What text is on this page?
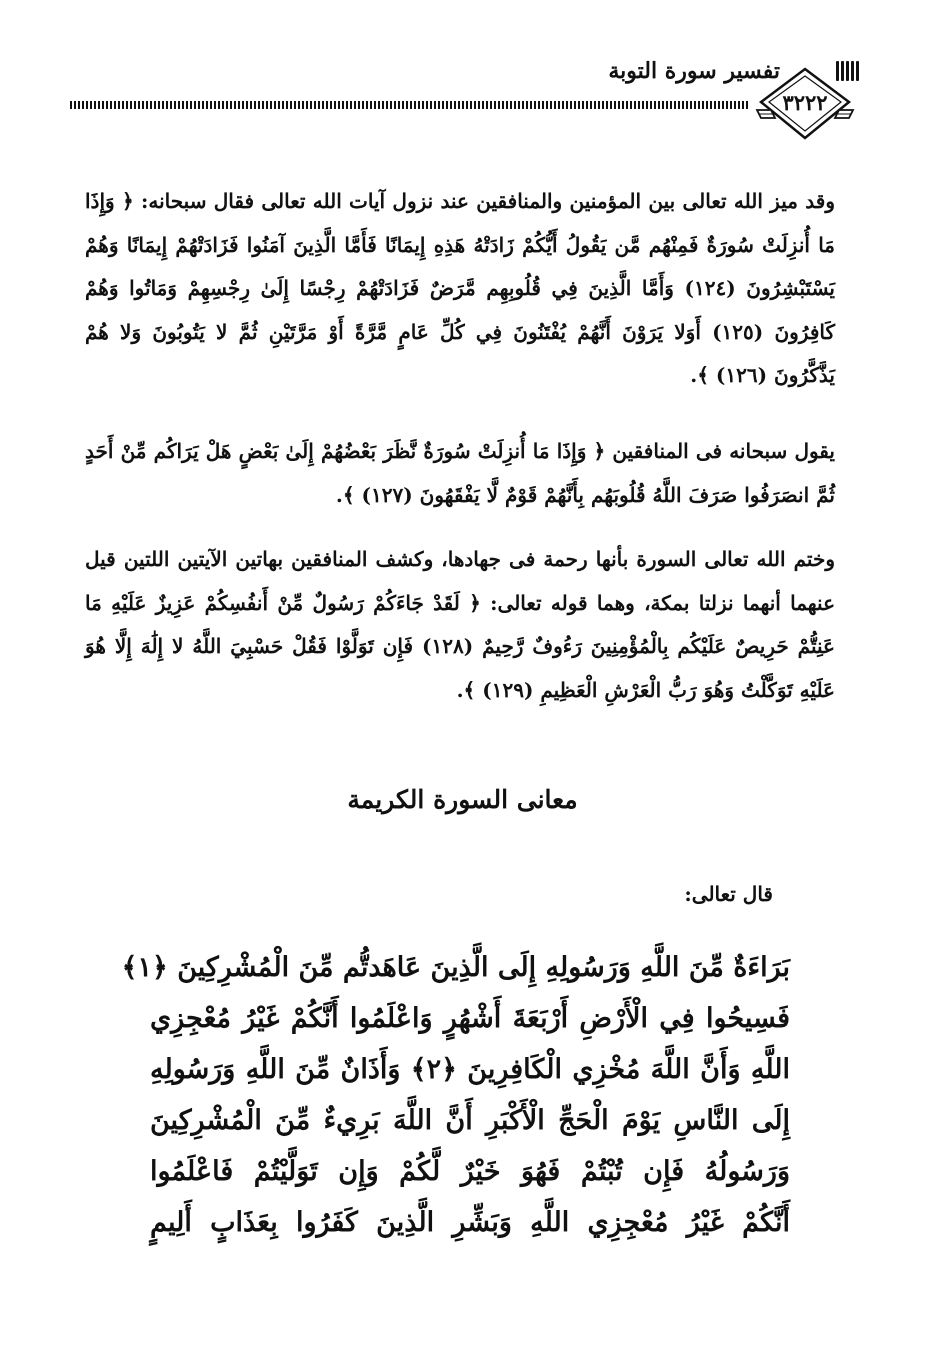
تفسير سورة التوبة
٣٢٢٢

وقد ميز الله تعالى بين المؤمنين والمنافقين عند نزول آيات الله تعالى فقال سبحانه: ﴿ وَإِذَا مَا أُنزِلَتْ سُورَةٌ فَمِنْهُم مَّن يَقُولُ أَيُّكُمْ زَادَتْهُ هَذِهِ إِيمَانًا فَأَمَّا الَّذِينَ آمَنُوا فَزَادَتْهُمْ إِيمَانًا وَهُمْ يَسْتَبْشِرُونَ (١٢٤) وَأَمَّا الَّذِينَ فِي قُلُوبِهِم مَّرَضٌ فَزَادَتْهُمْ رِجْسًا إِلَىٰ رِجْسِهِمْ وَمَاتُوا وَهُمْ كَافِرُونَ (١٢٥) أَوَلا يَرَوْنَ أَنَّهُمْ يُفْتَنُونَ فِي كُلِّ عَامٍ مَّرَّةً أَوْ مَرَّتَيْنِ ثُمَّ لا يَتُوبُونَ وَلا هُمْ يَذَّكَّرُونَ (١٢٦) ﴾.

يقول سبحانه فى المنافقين ﴿ وَإِذَا مَا أُنزِلَتْ سُورَةٌ نَّظَرَ بَعْضُهُمْ إِلَىٰ بَعْضٍ هَلْ يَرَاكُم مِّنْ أَحَدٍ ثُمَّ انصَرَفُوا صَرَفَ اللَّهُ قُلُوبَهُم بِأَنَّهُمْ قَوْمٌ لَّا يَفْقَهُونَ (١٢٧) ﴾.

وختم الله تعالى السورة بأنها رحمة فى جهادها، وكشف المنافقين بهاتين الآيتين اللتين قيل عنهما أنهما نزلتا بمكة، وهما قوله تعالى: ﴿ لَقَدْ جَاءَكُمْ رَسُولٌ مِّنْ أَنفُسِكُمْ عَزِيزٌ عَلَيْهِ مَا عَنِتُّمْ حَرِيصٌ عَلَيْكُم بِالْمُؤْمِنِينَ رَءُوفٌ رَّحِيمٌ (١٢٨) فَإِن تَوَلَّوْا فَقُلْ حَسْبِيَ اللَّهُ لا إِلَٰهَ إِلَّا هُوَ عَلَيْهِ تَوَكَّلْتُ وَهُوَ رَبُّ الْعَرْشِ الْعَظِيمِ (١٢٩) ﴾.

معانى السورة الكريمة
قال تعالى:
بَرَاءَةٌ مِّنَ اللَّهِ وَرَسُولِهِ إِلَى الَّذِينَ عَاهَدتُّم مِّنَ الْمُشْرِكِينَ ﴿١﴾
فَسِيحُوا فِي الْأَرْضِ أَرْبَعَةَ أَشْهُرٍ وَاعْلَمُوا أَنَّكُمْ غَيْرُ مُعْجِزِي
اللَّهِ وَأَنَّ اللَّهَ مُخْزِي الْكَافِرِينَ ﴿٢﴾ وَأَذَانٌ مِّنَ اللَّهِ وَرَسُولِهِ
إِلَى النَّاسِ يَوْمَ الْحَجِّ الْأَكْبَرِ أَنَّ اللَّهَ بَرِيءٌ مِّنَ الْمُشْرِكِينَ
وَرَسُولُهُ فَإِن تُبْتُمْ فَهُوَ خَيْرٌ لَّكُمْ وَإِن تَوَلَّيْتُمْ فَاعْلَمُوا
أَنَّكُمْ غَيْرُ مُعْجِزِي اللَّهِ وَبَشِّرِ الَّذِينَ كَفَرُوا بِعَذَابٍ أَلِيمٍ
